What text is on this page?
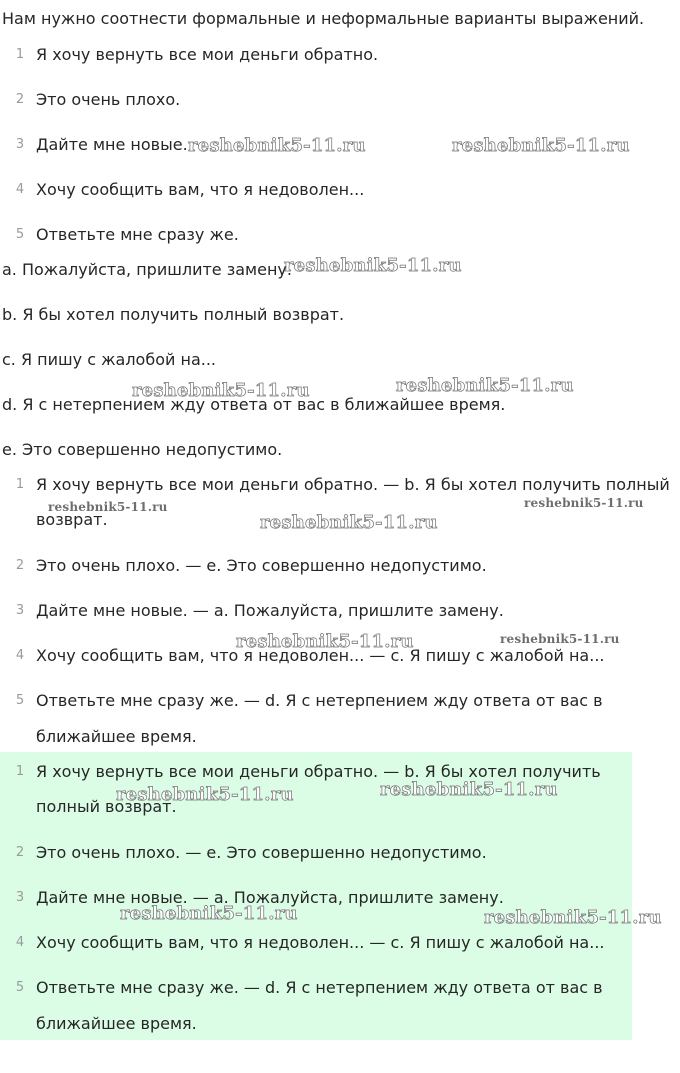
Нам нужно соотнести формальные и неформальные варианты выражений.

1 Я хочу вернуть все мои деньги обратно.

2 Это очень плохо.

3 Дайте мне новые.

4 Хочу сообщить вам, что я недоволен...

5 Ответьте мне сразу же.

a. Пожалуйста, пришлите замену.

b. Я бы хотел получить полный возврат.

c. Я пишу с жалобой на...

d. Я с нетерпением жду ответа от вас в ближайшее время.

e. Это совершенно недопустимо.

1 Я хочу вернуть все мои деньги обратно. — b. Я бы хотел получить полный

возврат.

2 Это очень плохо. — e. Это совершенно недопустимо.

3 Дайте мне новые. — a. Пожалуйста, пришлите замену.

4 Хочу сообщить вам, что я недоволен... — c. Я пишу с жалобой на...

5 Ответьте мне сразу же. — d. Я с нетерпением жду ответа от вас в

ближайшее время.

1 Я хочу вернуть все мои деньги обратно. — b. Я бы хотел получить

полный возврат.

2 Это очень плохо. — e. Это совершенно недопустимо.

3 Дайте мне новые. — a. Пожалуйста, пришлите замену.

4 Хочу сообщить вам, что я недоволен... — c. Я пишу с жалобой на...

5 Ответьте мне сразу же. — d. Я с нетерпением жду ответа от вас в

ближайшее время.

reshebnik5-11.ru	reshebnik5-11.ru
reshebnik5-11.ru
reshebnik5-11.ru	reshebnik5-11.ru
reshebnik5-11.ru	reshebnik5-11.ru
reshebnik5-11.ru
reshebnik5-11.ru	reshebnik5-11.ru
reshebnik5-11.ru	reshebnik5-11.ru
reshebnik5-11.ru	reshebnik5-11.ru
